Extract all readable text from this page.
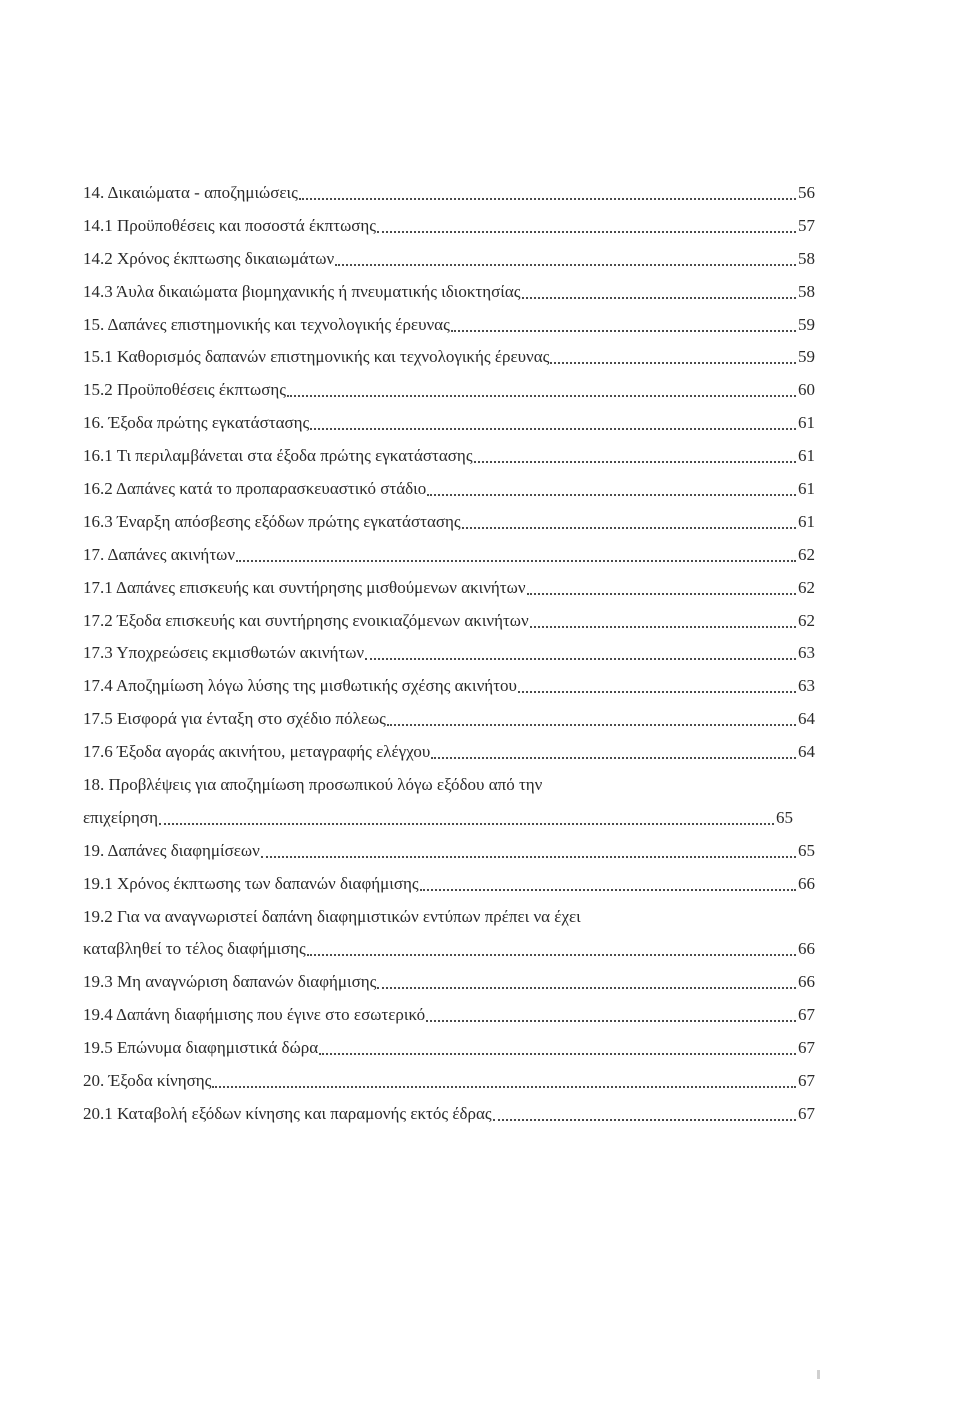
14. Δικαιώματα - αποζημιώσεις	56
14.1 Προϋποθέσεις και ποσοστά έκπτωσης	57
14.2 Χρόνος έκπτωσης δικαιωμάτων	58
14.3 Άυλα δικαιώματα βιομηχανικής ή πνευματικής ιδιοκτησίας	58
15. Δαπάνες επιστημονικής και τεχνολογικής έρευνας	59
15.1 Καθορισμός δαπανών επιστημονικής και τεχνολογικής έρευνας	59
15.2 Προϋποθέσεις έκπτωσης	60
16. Έξοδα πρώτης εγκατάστασης	61
16.1 Τι περιλαμβάνεται στα έξοδα πρώτης εγκατάστασης	61
16.2 Δαπάνες κατά το προπαρασκευαστικό στάδιο	61
16.3 Έναρξη απόσβεσης εξόδων πρώτης εγκατάστασης	61
17. Δαπάνες ακινήτων	62
17.1 Δαπάνες επισκευής και συντήρησης μισθούμενων ακινήτων	62
17.2 Έξοδα επισκευής και συντήρησης ενοικιαζόμενων ακινήτων	62
17.3 Υποχρεώσεις εκμισθωτών ακινήτων	63
17.4 Αποζημίωση λόγω λύσης της μισθωτικής σχέσης ακινήτου	63
17.5 Εισφορά για ένταξη στο σχέδιο πόλεως	64
17.6 Έξοδα αγοράς ακινήτου, μεταγραφής ελέγχου	64
18. Προβλέψεις για αποζημίωση προσωπικού λόγω εξόδου από την
επιχείρηση	65
19. Δαπάνες διαφημίσεων	65
19.1 Χρόνος έκπτωσης των δαπανών διαφήμισης	66
19.2 Για να αναγνωριστεί δαπάνη διαφημιστικών εντύπων πρέπει να έχει
καταβληθεί το τέλος διαφήμισης	66
19.3 Μη αναγνώριση δαπανών διαφήμισης	66
19.4 Δαπάνη διαφήμισης που έγινε στο εσωτερικό	67
19.5 Επώνυμα διαφημιστικά δώρα	67
20. Έξοδα κίνησης	67
20.1 Καταβολή εξόδων κίνησης και παραμονής εκτός έδρας	67
